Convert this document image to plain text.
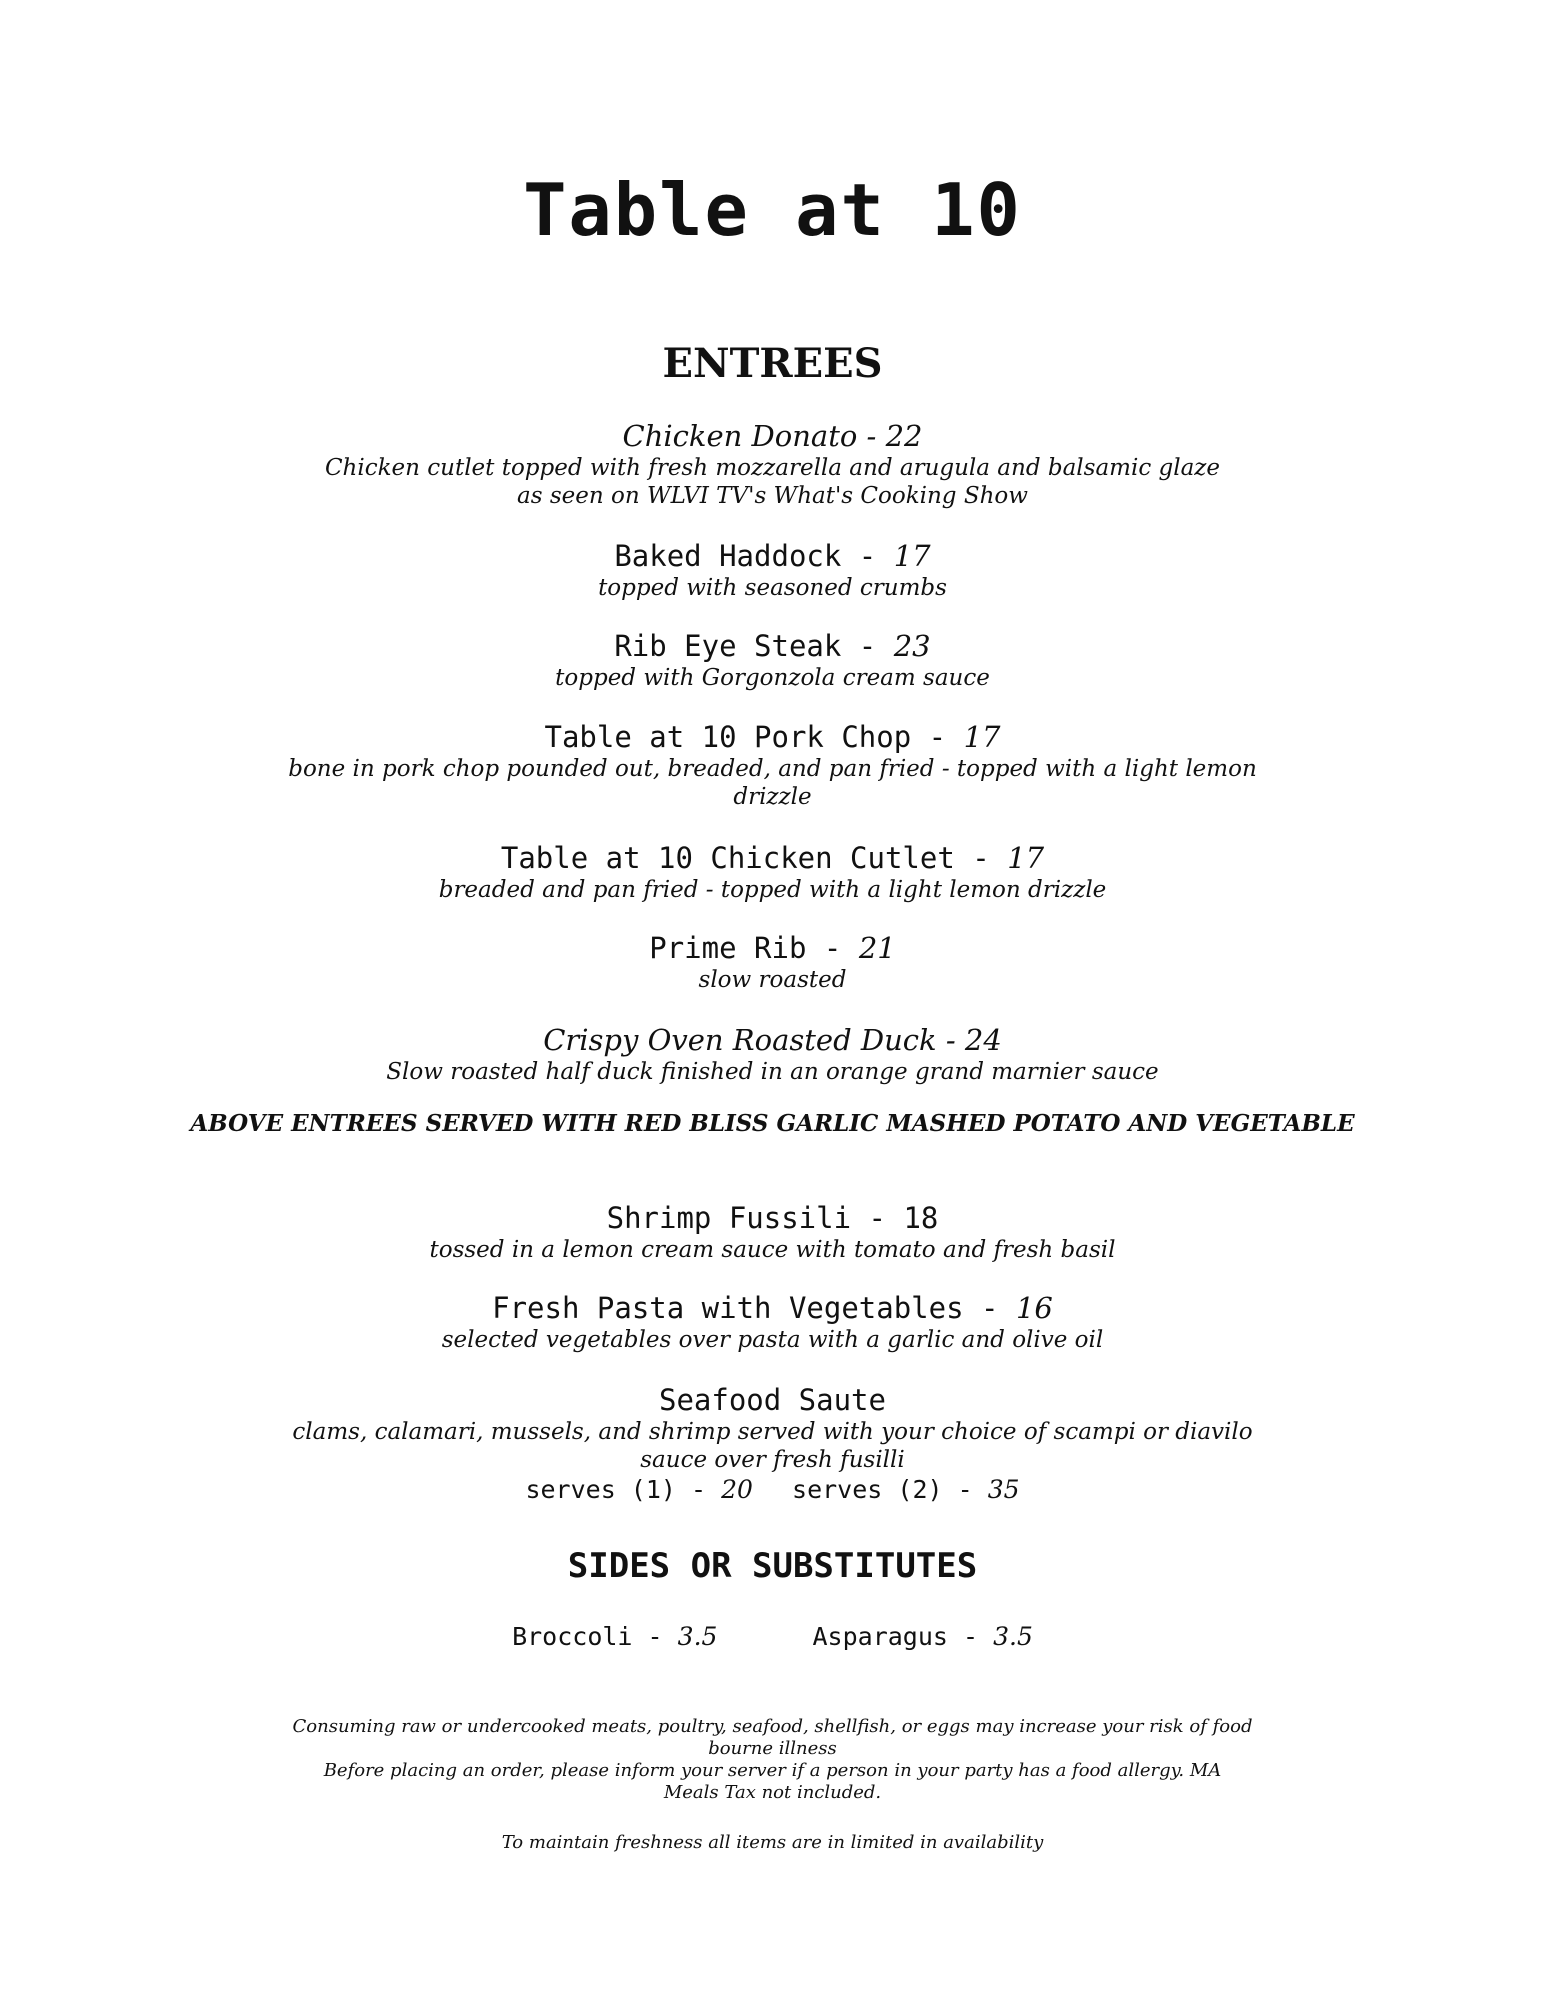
Table at 10
ENTREES
Chicken Donato - 22
Chicken cutlet topped with fresh mozzarella and arugula and balsamic glaze
as seen on WLVI TV's What's Cooking Show
Baked Haddock - 17
topped with seasoned crumbs
Rib Eye Steak - 23
topped with Gorgonzola cream sauce
Table at 10 Pork Chop - 17
bone in pork chop pounded out, breaded, and pan fried - topped with a light lemon
drizzle
Table at 10 Chicken Cutlet - 17
breaded and pan fried - topped with a light lemon drizzle
Prime Rib - 21
slow roasted
Crispy Oven Roasted Duck - 24
Slow roasted half duck finished in an orange grand marnier sauce
ABOVE ENTREES SERVED WITH RED BLISS GARLIC MASHED POTATO AND VEGETABLE
Shrimp Fussili - 18
tossed in a lemon cream sauce with tomato and fresh basil
Fresh Pasta with Vegetables - 16
selected vegetables over pasta with a garlic and olive oil
Seafood Saute
clams, calamari, mussels, and shrimp served with your choice of scampi or diavilo
sauce over fresh fusilli
serves (1) - 20 serves (2) - 35
SIDES OR SUBSTITUTES
Broccoli - 3.5	Asparagus - 3.5
Consuming raw or undercooked meats, poultry, seafood, shellfish, or eggs may increase your risk of food
bourne illness
Before placing an order, please inform your server if a person in your party has a food allergy. MA
Meals Tax not included.
To maintain freshness all items are in limited in availability
